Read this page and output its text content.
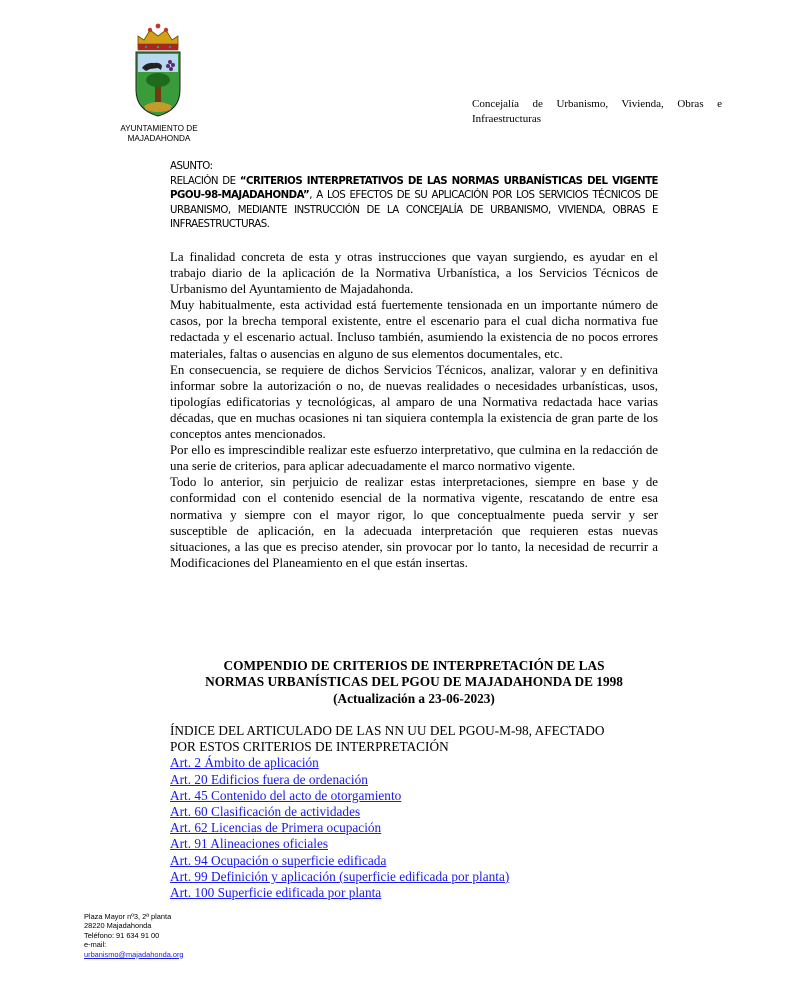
AYUNTAMIENTO DE
MAJADAHONDA
Concejalía de Urbanismo, Vivienda, Obras e
Infraestructuras
ASUNTO:
RELACIÓN DE “CRITERIOS INTERPRETATIVOS DE LAS NORMAS URBANÍSTICAS DEL VIGENTE PGOU-98-MAJADAHONDA”, A LOS EFECTOS DE SU APLICACIÓN POR LOS SERVICIOS TÉCNICOS DE URBANISMO, MEDIANTE INSTRUCCIÓN DE LA CONCEJALÍA DE URBANISMO, VIVIENDA, OBRAS E INFRAESTRUCTURAS.

La finalidad concreta de esta y otras instrucciones que vayan surgiendo, es ayudar en el trabajo diario de la aplicación de la Normativa Urbanística, a los Servicios Técnicos de Urbanismo del Ayuntamiento de Majadahonda.

Muy habitualmente, esta actividad está fuertemente tensionada en un importante número de casos, por la brecha temporal existente, entre el escenario para el cual dicha normativa fue redactada y el escenario actual. Incluso también, asumiendo la existencia de no pocos errores materiales, faltas o ausencias en alguno de sus elementos documentales, etc.

En consecuencia, se requiere de dichos Servicios Técnicos, analizar, valorar y en definitiva informar sobre la autorización o no, de nuevas realidades o necesidades urbanísticas, usos, tipologías edificatorias y tecnológicas, al amparo de una Normativa redactada hace varias décadas, que en muchas ocasiones ni tan siquiera contempla la existencia de gran parte de los conceptos antes mencionados.

Por ello es imprescindible realizar este esfuerzo interpretativo, que culmina en la redacción de una serie de criterios, para aplicar adecuadamente el marco normativo vigente.

Todo lo anterior, sin perjuicio de realizar estas interpretaciones, siempre en base y de conformidad con el contenido esencial de la normativa vigente, rescatando de entre esa normativa y siempre con el mayor rigor, lo que conceptualmente pueda servir y ser susceptible de aplicación, en la adecuada interpretación que requieren estas nuevas situaciones, a las que es preciso atender, sin provocar por lo tanto, la necesidad de recurrir a Modificaciones del Planeamiento en el que están insertas.

COMPENDIO DE CRITERIOS DE INTERPRETACIÓN DE LAS
NORMAS URBANÍSTICAS DEL PGOU DE MAJADAHONDA DE 1998
(Actualización a 23-06-2023)
ÍNDICE DEL ARTICULADO DE LAS NN UU DEL PGOU-M-98, AFECTADO
POR ESTOS CRITERIOS DE INTERPRETACIÓN
Art. 2 Ámbito de aplicación
Art. 20 Edificios fuera de ordenación
Art. 45 Contenido del acto de otorgamiento
Art. 60 Clasificación de actividades
Art. 62 Licencias de Primera ocupación
Art. 91 Alineaciones oficiales
Art. 94 Ocupación o superficie edificada
Art. 99 Definición y aplicación (superficie edificada por planta)
Art. 100 Superficie edificada por planta
Plaza Mayor nº3, 2ª planta
28220 Majadahonda
Teléfono: 91 634 91 00
e-mail:
urbanismo@majadahonda.org
